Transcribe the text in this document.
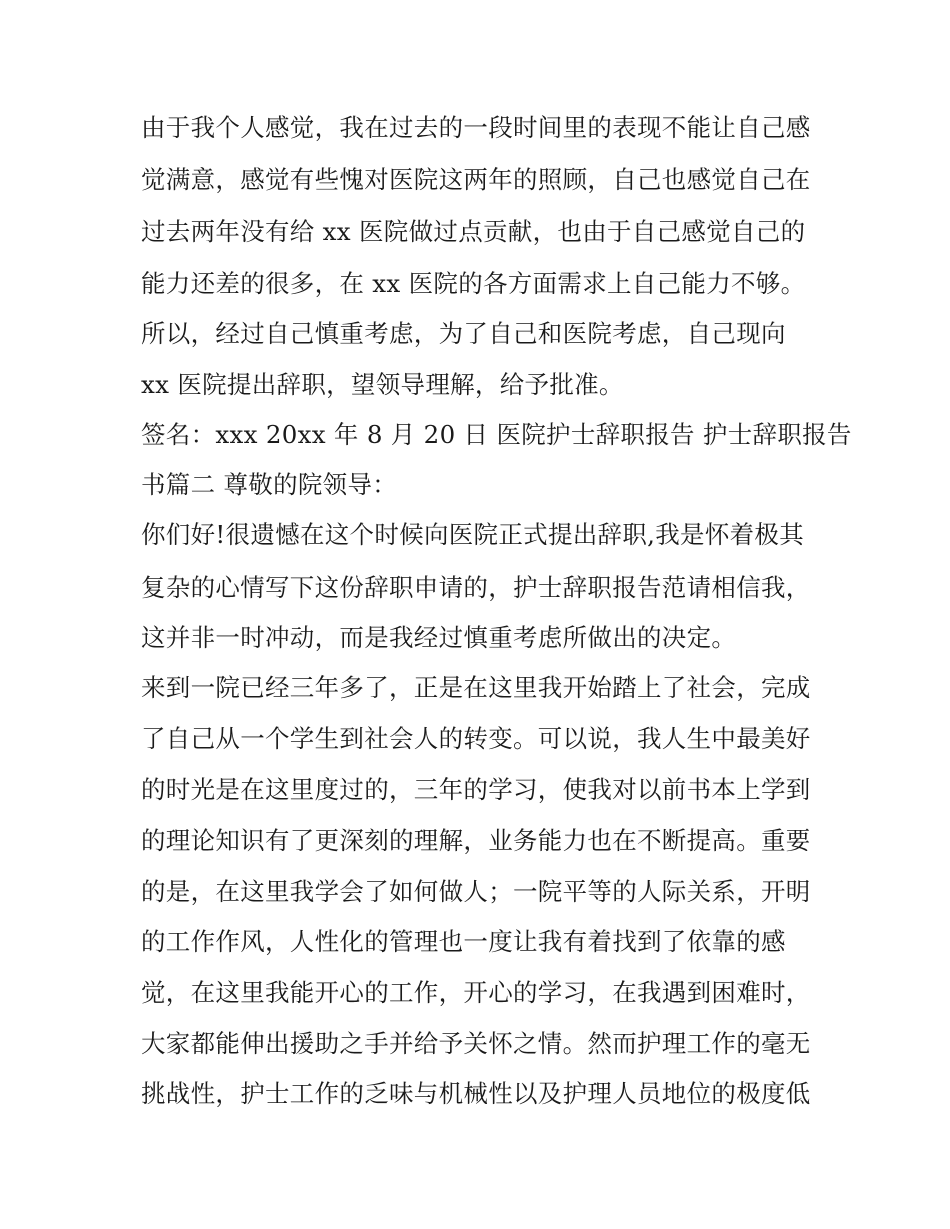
由于我个人感觉，我在过去的一段时间里的表现不能让自己感
觉满意，感觉有些愧对医院这两年的照顾，自己也感觉自己在
过去两年没有给 xx 医院做过点贡献，也由于自己感觉自己的
能力还差的很多，在 xx 医院的各方面需求上自己能力不够。
所以，经过自己慎重考虑，为了自己和医院考虑，自己现向
xx 医院提出辞职，望领导理解，给予批准。
签名：xxx 20xx 年 8 月 20 日 医院护士辞职报告 护士辞职报告
书篇二 尊敬的院领导：
你们好!很遗憾在这个时候向医院正式提出辞职,我是怀着极其
复杂的心情写下这份辞职申请的，护士辞职报告范请相信我，
这并非一时冲动，而是我经过慎重考虑所做出的决定。
来到一院已经三年多了，正是在这里我开始踏上了社会，完成
了自己从一个学生到社会人的转变。可以说，我人生中最美好
的时光是在这里度过的，三年的学习，使我对以前书本上学到
的理论知识有了更深刻的理解，业务能力也在不断提高。重要
的是，在这里我学会了如何做人；一院平等的人际关系，开明
的工作作风，人性化的管理也一度让我有着找到了依靠的感
觉，在这里我能开心的工作，开心的学习，在我遇到困难时，
大家都能伸出援助之手并给予关怀之情。然而护理工作的毫无
挑战性，护士工作的乏味与机械性以及护理人员地位的极度低
